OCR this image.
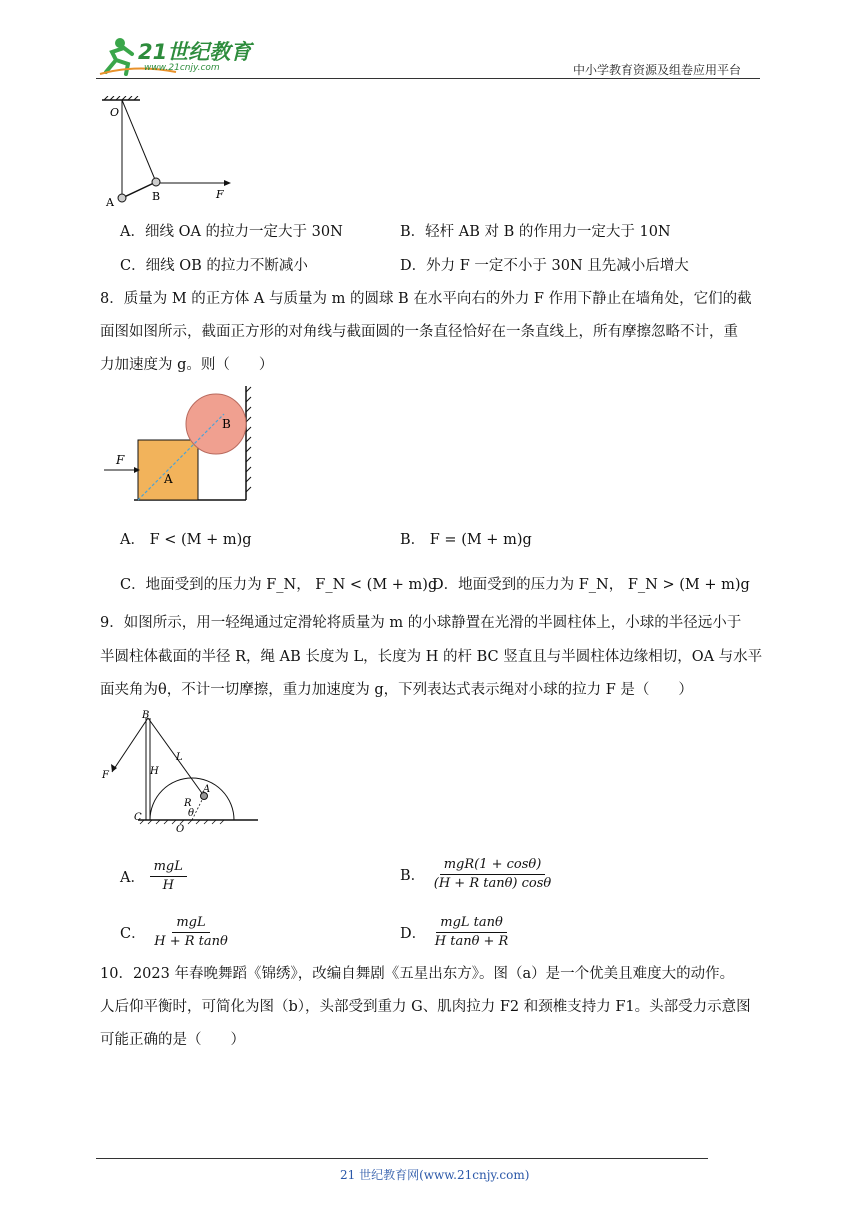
21世纪教育
www.21cnjy.com	中小学教育资源及组卷应用平台
O
A	B	F
A．细线 OA 的拉力一定大于 30N	B．轻杆 AB 对 B 的作用力一定大于 10N
C．细线 OB 的拉力不断减小	D．外力 F 一定不小于 30N 且先减小后增大
8．质量为 M 的正方体 A 与质量为 m 的圆球 B 在水平向右的外力 F 作用下静止在墙角处，它们的截
面图如图所示，截面正方形的对角线与截面圆的一条直径恰好在一条直线上，所有摩擦忽略不计，重
力加速度为 g。则（　　）
F
A
B
A． F < (M + m)g	B． F = (M + m)g
C．地面受到的压力为 F_N， F_N < (M + m)g
D．地面受到的压力为 F_N， F_N > (M + m)g
9．如图所示，用一轻绳通过定滑轮将质量为 m 的小球静置在光滑的半圆柱体上，小球的半径远小于
半圆柱体截面的半径 R，绳 AB 长度为 L，长度为 H 的杆 BC 竖直且与半圆柱体边缘相切，OA 与水平
面夹角为θ，不计一切摩擦，重力加速度为 g，下列表达式表示绳对小球的拉力 F 是（　　）
B
F	H
L
A
R
θ
C
O
A． $\frac{\text{mgL}}{H}$	B． $\frac{\text{mgR(1 + cosθ)}}{\text{(H + R tanθ) cosθ}}$
C． $\frac{\text{mgL}}{\text{H + R tanθ}}$	D． $\frac{\text{mgL tanθ}}{\text{H tanθ + R}}$
10．2023 年春晚舞蹈《锦绣》，改编自舞剧《五星出东方》。图（a）是一个优美且难度大的动作。
人后仰平衡时，可简化为图（b），头部受到重力 G、肌肉拉力 F2 和颈椎支持力 F1。头部受力示意图
可能正确的是（　　）
21 世纪教育网(www.21cnjy.com)
